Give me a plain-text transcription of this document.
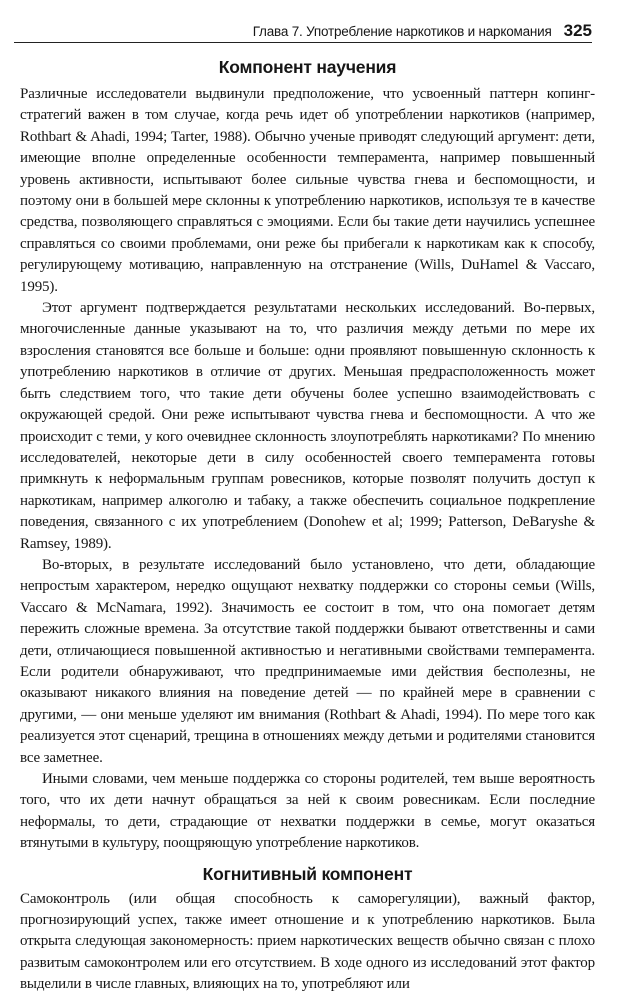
Глава 7. Употребление наркотиков и наркомания 325
Компонент научения

Различные исследователи выдвинули предположение, что усвоенный паттерн копинг-стратегий важен в том случае, когда речь идет об употреблении наркотиков (например, Rothbart & Ahadi, 1994; Tarter, 1988). Обычно ученые приводят следующий аргумент: дети, имеющие вполне определенные особенности темперамента, например повышенный уровень активности, испытывают более сильные чувства гнева и беспомощности, и поэтому они в большей мере склонны к употреблению наркотиков, используя те в качестве средства, позволяющего справляться с эмоциями. Если бы такие дети научились успешнее справляться со своими проблемами, они реже бы прибегали к наркотикам как к способу, регулирующему мотивацию, направленную на отстранение (Wills, DuHamel & Vaccaro, 1995).

Этот аргумент подтверждается результатами нескольких исследований. Во-первых, многочисленные данные указывают на то, что различия между детьми по мере их взросления становятся все больше и больше: одни проявляют повышенную склонность к употреблению наркотиков в отличие от других. Меньшая предрасположенность может быть следствием того, что такие дети обучены более успешно взаимодействовать с окружающей средой. Они реже испытывают чувства гнева и беспомощности. А что же происходит с теми, у кого очевиднее склонность злоупотреблять наркотиками? По мнению исследователей, некоторые дети в силу особенностей своего темперамента готовы примкнуть к неформальным группам ровесников, которые позволят получить доступ к наркотикам, например алкоголю и табаку, а также обеспечить социальное подкрепление поведения, связанного с их употреблением (Donohew et al; 1999; Patterson, DeBaryshe & Ramsey, 1989).

Во-вторых, в результате исследований было установлено, что дети, обладающие непростым характером, нередко ощущают нехватку поддержки со стороны семьи (Wills, Vaccaro & McNamara, 1992). Значимость ее состоит в том, что она помогает детям пережить сложные времена. За отсутствие такой поддержки бывают ответственны и сами дети, отличающиеся повышенной активностью и негативными свойствами темперамента. Если родители обнаруживают, что предпринимаемые ими действия бесполезны, не оказывают никакого влияния на поведение детей — по крайней мере в сравнении с другими, — они меньше уделяют им внимания (Rothbart & Ahadi, 1994). По мере того как реализуется этот сценарий, трещина в отношениях между детьми и родителями становится все заметнее.

Иными словами, чем меньше поддержка со стороны родителей, тем выше вероятность того, что их дети начнут обращаться за ней к своим ровесникам. Если последние неформалы, то дети, страдающие от нехватки поддержки в семье, могут оказаться втянутыми в культуру, поощряющую употребление наркотиков.

Когнитивный компонент

Самоконтроль (или общая способность к саморегуляции), важный фактор, прогнозирующий успех, также имеет отношение и к употреблению наркотиков. Была открыта следующая закономерность: прием наркотических веществ обычно связан с плохо развитым самоконтролем или его отсутствием. В ходе одного из исследований этот фактор выделили в числе главных, влияющих на то, употребляют или
